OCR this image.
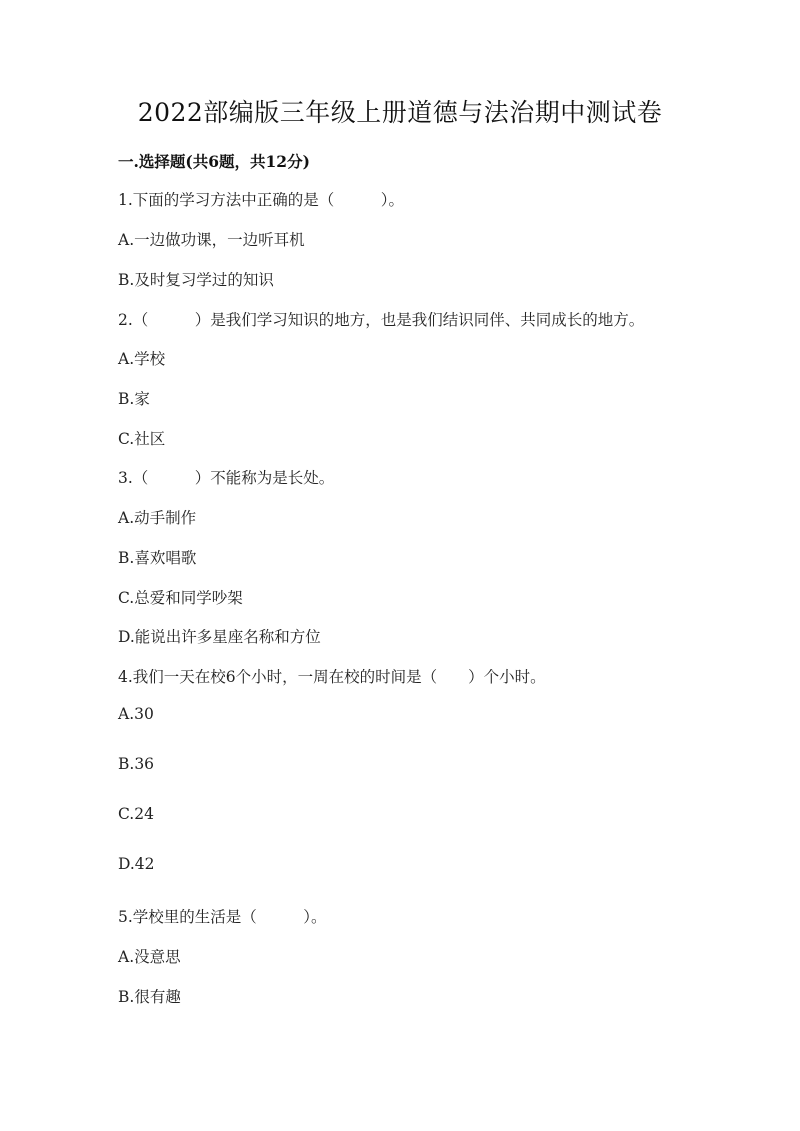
2022部编版三年级上册道德与法治期中测试卷
一.选择题(共6题，共12分)

1.下面的学习方法中正确的是（　　　）。

A.一边做功课，一边听耳机

B.及时复习学过的知识

2.（　　　）是我们学习知识的地方，也是我们结识同伴、共同成长的地方。

A.学校

B.家

C.社区

3.（　　　）不能称为是长处。

A.动手制作

B.喜欢唱歌

C.总爱和同学吵架

D.能说出许多星座名称和方位

4.我们一天在校6个小时，一周在校的时间是（　　）个小时。

A.30

B.36

C.24

D.42

5.学校里的生活是（　　　）。

A.没意思

B.很有趣
